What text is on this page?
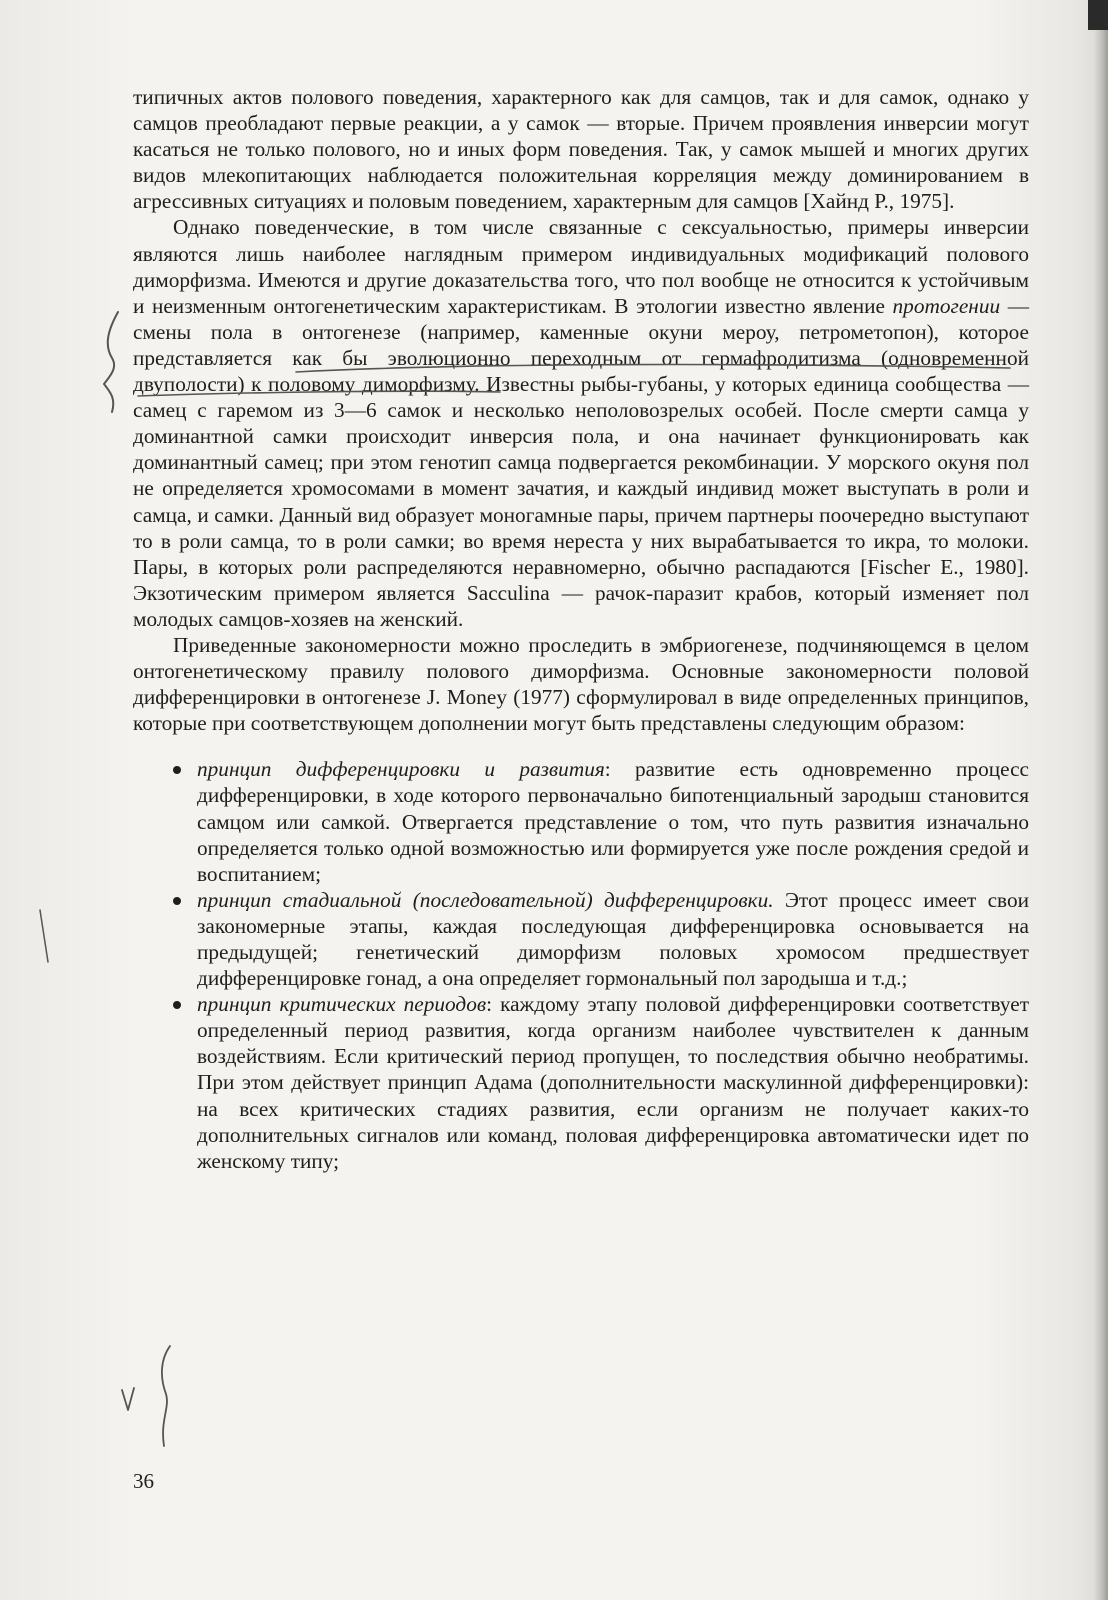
типичных актов полового поведения, характерного как для самцов, так и для самок, однако у самцов преобладают первые реакции, а у самок — вторые. Причем проявления инверсии могут касаться не только полового, но и иных форм поведения. Так, у самок мышей и многих других видов млекопитающих наблюдается положительная корреляция между доминированием в агрессивных ситуациях и половым поведением, характерным для самцов [Хайнд Р., 1975].

Однако поведенческие, в том числе связанные с сексуальностью, примеры инверсии являются лишь наиболее наглядным примером индивидуальных модификаций полового диморфизма. Имеются и другие доказательства того, что пол вообще не относится к устойчивым и неизменным онтогенетическим характеристикам. В этологии известно явление протогении — смены пола в онтогенезе (например, каменные окуни мероу, петрометопон), которое представляется как бы эволюционно переходным от гермафродитизма (одновременной двуполости) к половому диморфизму. Известны рыбы-губаны, у которых единица сообщества — самец с гаремом из 3—6 самок и несколько неполовозрелых особей. После смерти самца у доминантной самки происходит инверсия пола, и она начинает функционировать как доминантный самец; при этом генотип самца подвергается рекомбинации. У морского окуня пол не определяется хромосомами в момент зачатия, и каждый индивид может выступать в роли и самца, и самки. Данный вид образует моногамные пары, причем партнеры поочередно выступают то в роли самца, то в роли самки; во время нереста у них вырабатывается то икра, то молоки. Пары, в которых роли распределяются неравномерно, обычно распадаются [Fischer E., 1980]. Экзотическим примером является Sacculina — рачок-паразит крабов, который изменяет пол молодых самцов-хозяев на женский.

Приведенные закономерности можно проследить в эмбриогенезе, подчиняющемся в целом онтогенетическому правилу полового диморфизма. Основные закономерности половой дифференцировки в онтогенезе J. Money (1977) сформулировал в виде определенных принципов, которые при соответствующем дополнении могут быть представлены следующим образом:

принцип дифференцировки и развития: развитие есть одновременно процесс дифференцировки, в ходе которого первоначально бипотенциальный зародыш становится самцом или самкой. Отвергается представление о том, что путь развития изначально определяется только одной возможностью или формируется уже после рождения средой и воспитанием;
принцип стадиальной (последовательной) дифференцировки. Этот процесс имеет свои закономерные этапы, каждая последующая дифференцировка основывается на предыдущей; генетический диморфизм половых хромосом предшествует дифференцировке гонад, а она определяет гормональный пол зародыша и т.д.;
принцип критических периодов: каждому этапу половой дифференцировки соответствует определенный период развития, когда организм наиболее чувствителен к данным воздействиям. Если критический период пропущен, то последствия обычно необратимы. При этом действует принцип Адама (дополнительности маскулинной дифференцировки): на всех критических стадиях развития, если организм не получает каких-то дополнительных сигналов или команд, половая дифференцировка автоматически идет по женскому типу;
36
